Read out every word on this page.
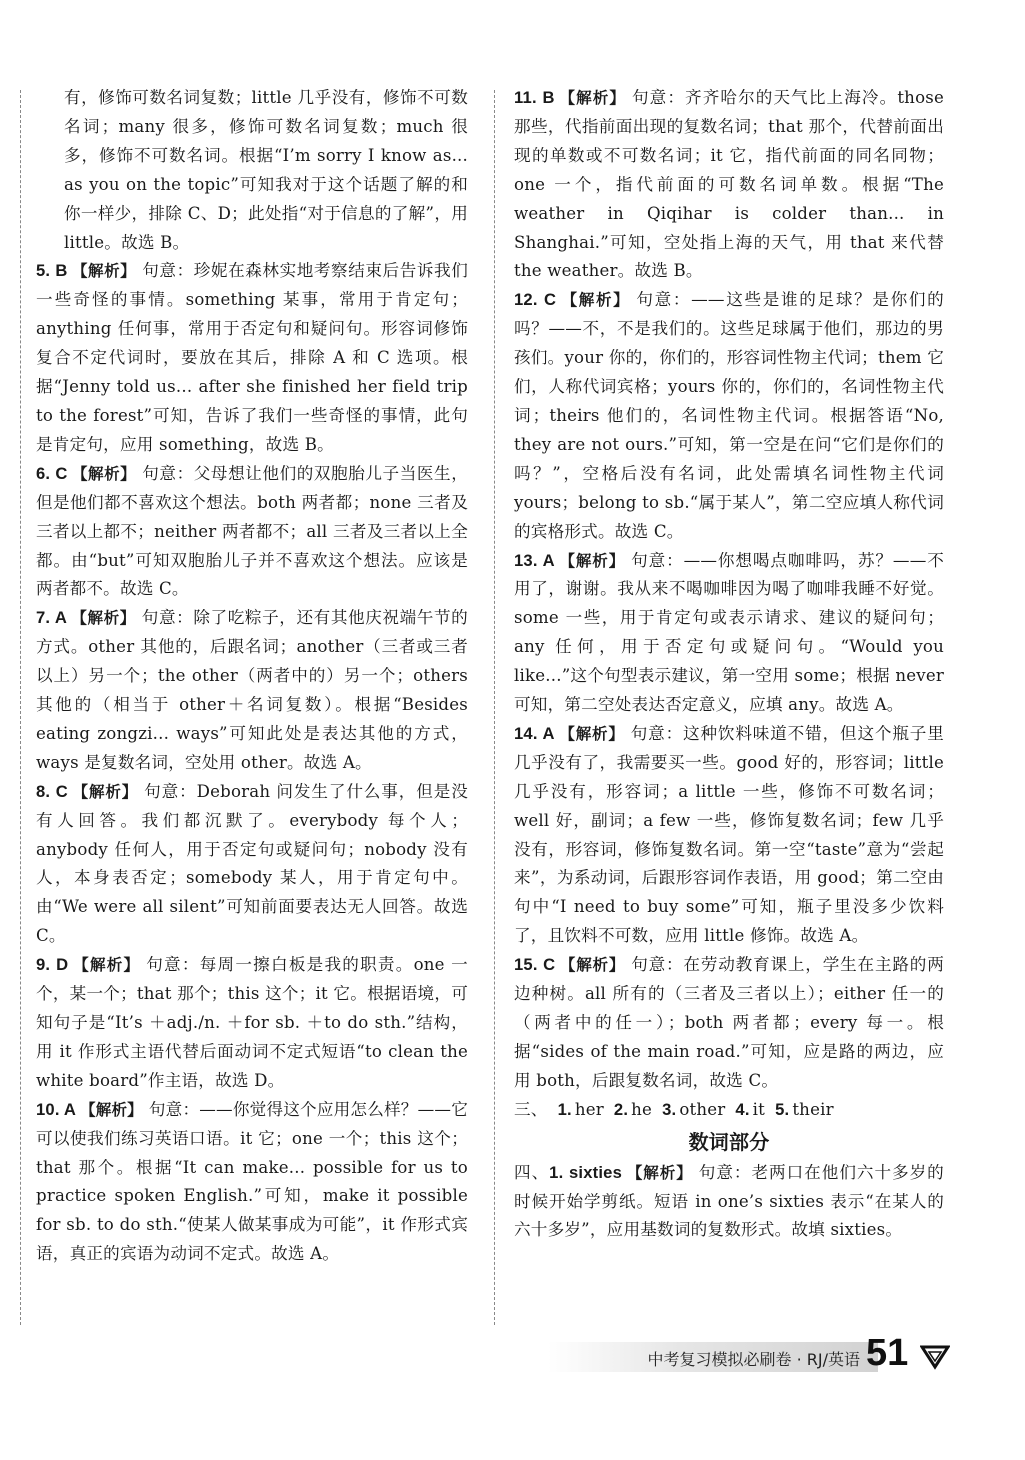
有，修饰可数名词复数；little 几乎没有，修饰不可数名词；many 很多，修饰可数名词复数；much 很多，修饰不可数名词。根据“I’m sorry I know as... as you on the topic”可知我对于这个话题了解的和你一样少，排除 C、D；此处指“对于信息的了解”，用 little。故选 B。

5. B 【解析】 句意：珍妮在森林实地考察结束后告诉我们一些奇怪的事情。something 某事，常用于肯定句；anything 任何事，常用于否定句和疑问句。形容词修饰复合不定代词时，要放在其后，排除 A 和 C 选项。根据“Jenny told us... after she finished her field trip to the forest”可知，告诉了我们一些奇怪的事情，此句是肯定句，应用 something，故选 B。

6. C 【解析】 句意：父母想让他们的双胞胎儿子当医生，但是他们都不喜欢这个想法。both 两者都；none 三者及三者以上都不；neither 两者都不；all 三者及三者以上全都。由“but”可知双胞胎儿子并不喜欢这个想法。应该是两者都不。故选 C。

7. A 【解析】 句意：除了吃粽子，还有其他庆祝端午节的方式。other 其他的，后跟名词；another（三者或三者以上）另一个；the other（两者中的）另一个；others 其他的（相当于 other＋名词复数）。根据“Besides eating zongzi... ways”可知此处是表达其他的方式，ways 是复数名词，空处用 other。故选 A。

8. C 【解析】 句意：Deborah 问发生了什么事，但是没有人回答。我们都沉默了。everybody 每个人；anybody 任何人，用于否定句或疑问句；nobody 没有人，本身表否定；somebody 某人，用于肯定句中。由“We were all silent”可知前面要表达无人回答。故选 C。

9. D 【解析】 句意：每周一擦白板是我的职责。one 一个，某一个；that 那个；this 这个；it 它。根据语境，可知句子是“It’s ＋adj./n. ＋for sb. ＋to do sth.”结构，用 it 作形式主语代替后面动词不定式短语“to clean the white board”作主语，故选 D。

10. A 【解析】 句意：——你觉得这个应用怎么样？——它可以使我们练习英语口语。it 它；one 一个；this 这个；that 那个。根据“It can make... possible for us to practice spoken English.”可知，make it possible for sb. to do sth.“使某人做某事成为可能”，it 作形式宾语，真正的宾语为动词不定式。故选 A。

11. B 【解析】 句意：齐齐哈尔的天气比上海冷。those 那些，代指前面出现的复数名词；that 那个，代替前面出现的单数或不可数名词；it 它，指代前面的同名同物；one 一个，指代前面的可数名词单数。根据“The weather in Qiqihar is colder than... in Shanghai.”可知，空处指上海的天气，用 that 来代替 the weather。故选 B。

12. C 【解析】 句意：——这些是谁的足球？是你们的吗？——不，不是我们的。这些足球属于他们，那边的男孩们。your 你的，你们的，形容词性物主代词；them 它们，人称代词宾格；yours 你的，你们的，名词性物主代词；theirs 他们的，名词性物主代词。根据答语“No, they are not ours.”可知，第一空是在问“它们是你们的吗？”，空格后没有名词，此处需填名词性物主代词 yours；belong to sb.“属于某人”，第二空应填人称代词的宾格形式。故选 C。

13. A 【解析】 句意：——你想喝点咖啡吗，苏？——不用了，谢谢。我从来不喝咖啡因为喝了咖啡我睡不好觉。some 一些，用于肯定句或表示请求、建议的疑问句；any 任何，用于否定句或疑问句。“Would you like...”这个句型表示建议，第一空用 some；根据 never 可知，第二空处表达否定意义，应填 any。故选 A。

14. A 【解析】 句意：这种饮料味道不错，但这个瓶子里几乎没有了，我需要买一些。good 好的，形容词；little 几乎没有，形容词；a little 一些，修饰不可数名词；well 好，副词；a few 一些，修饰复数名词；few 几乎没有，形容词，修饰复数名词。第一空“taste”意为“尝起来”，为系动词，后跟形容词作表语，用 good；第二空由句中“I need to buy some”可知，瓶子里没多少饮料了，且饮料不可数，应用 little 修饰。故选 A。

15. C 【解析】 句意：在劳动教育课上，学生在主路的两边种树。all 所有的（三者及三者以上）；either 任一的（两者中的任一）；both 两者都；every 每一。根据“sides of the main road.”可知，应是路的两边，应用 both，后跟复数名词，故选 C。

三、 1. her 2. he 3. other 4. it 5. their

数词部分

四、1. sixties 【解析】 句意：老两口在他们六十多岁的时候开始学剪纸。短语 in one’s sixties 表示“在某人的六十多岁”，应用基数词的复数形式。故填 sixties。

中考复习模拟必刷卷 · RJ/英语 51
